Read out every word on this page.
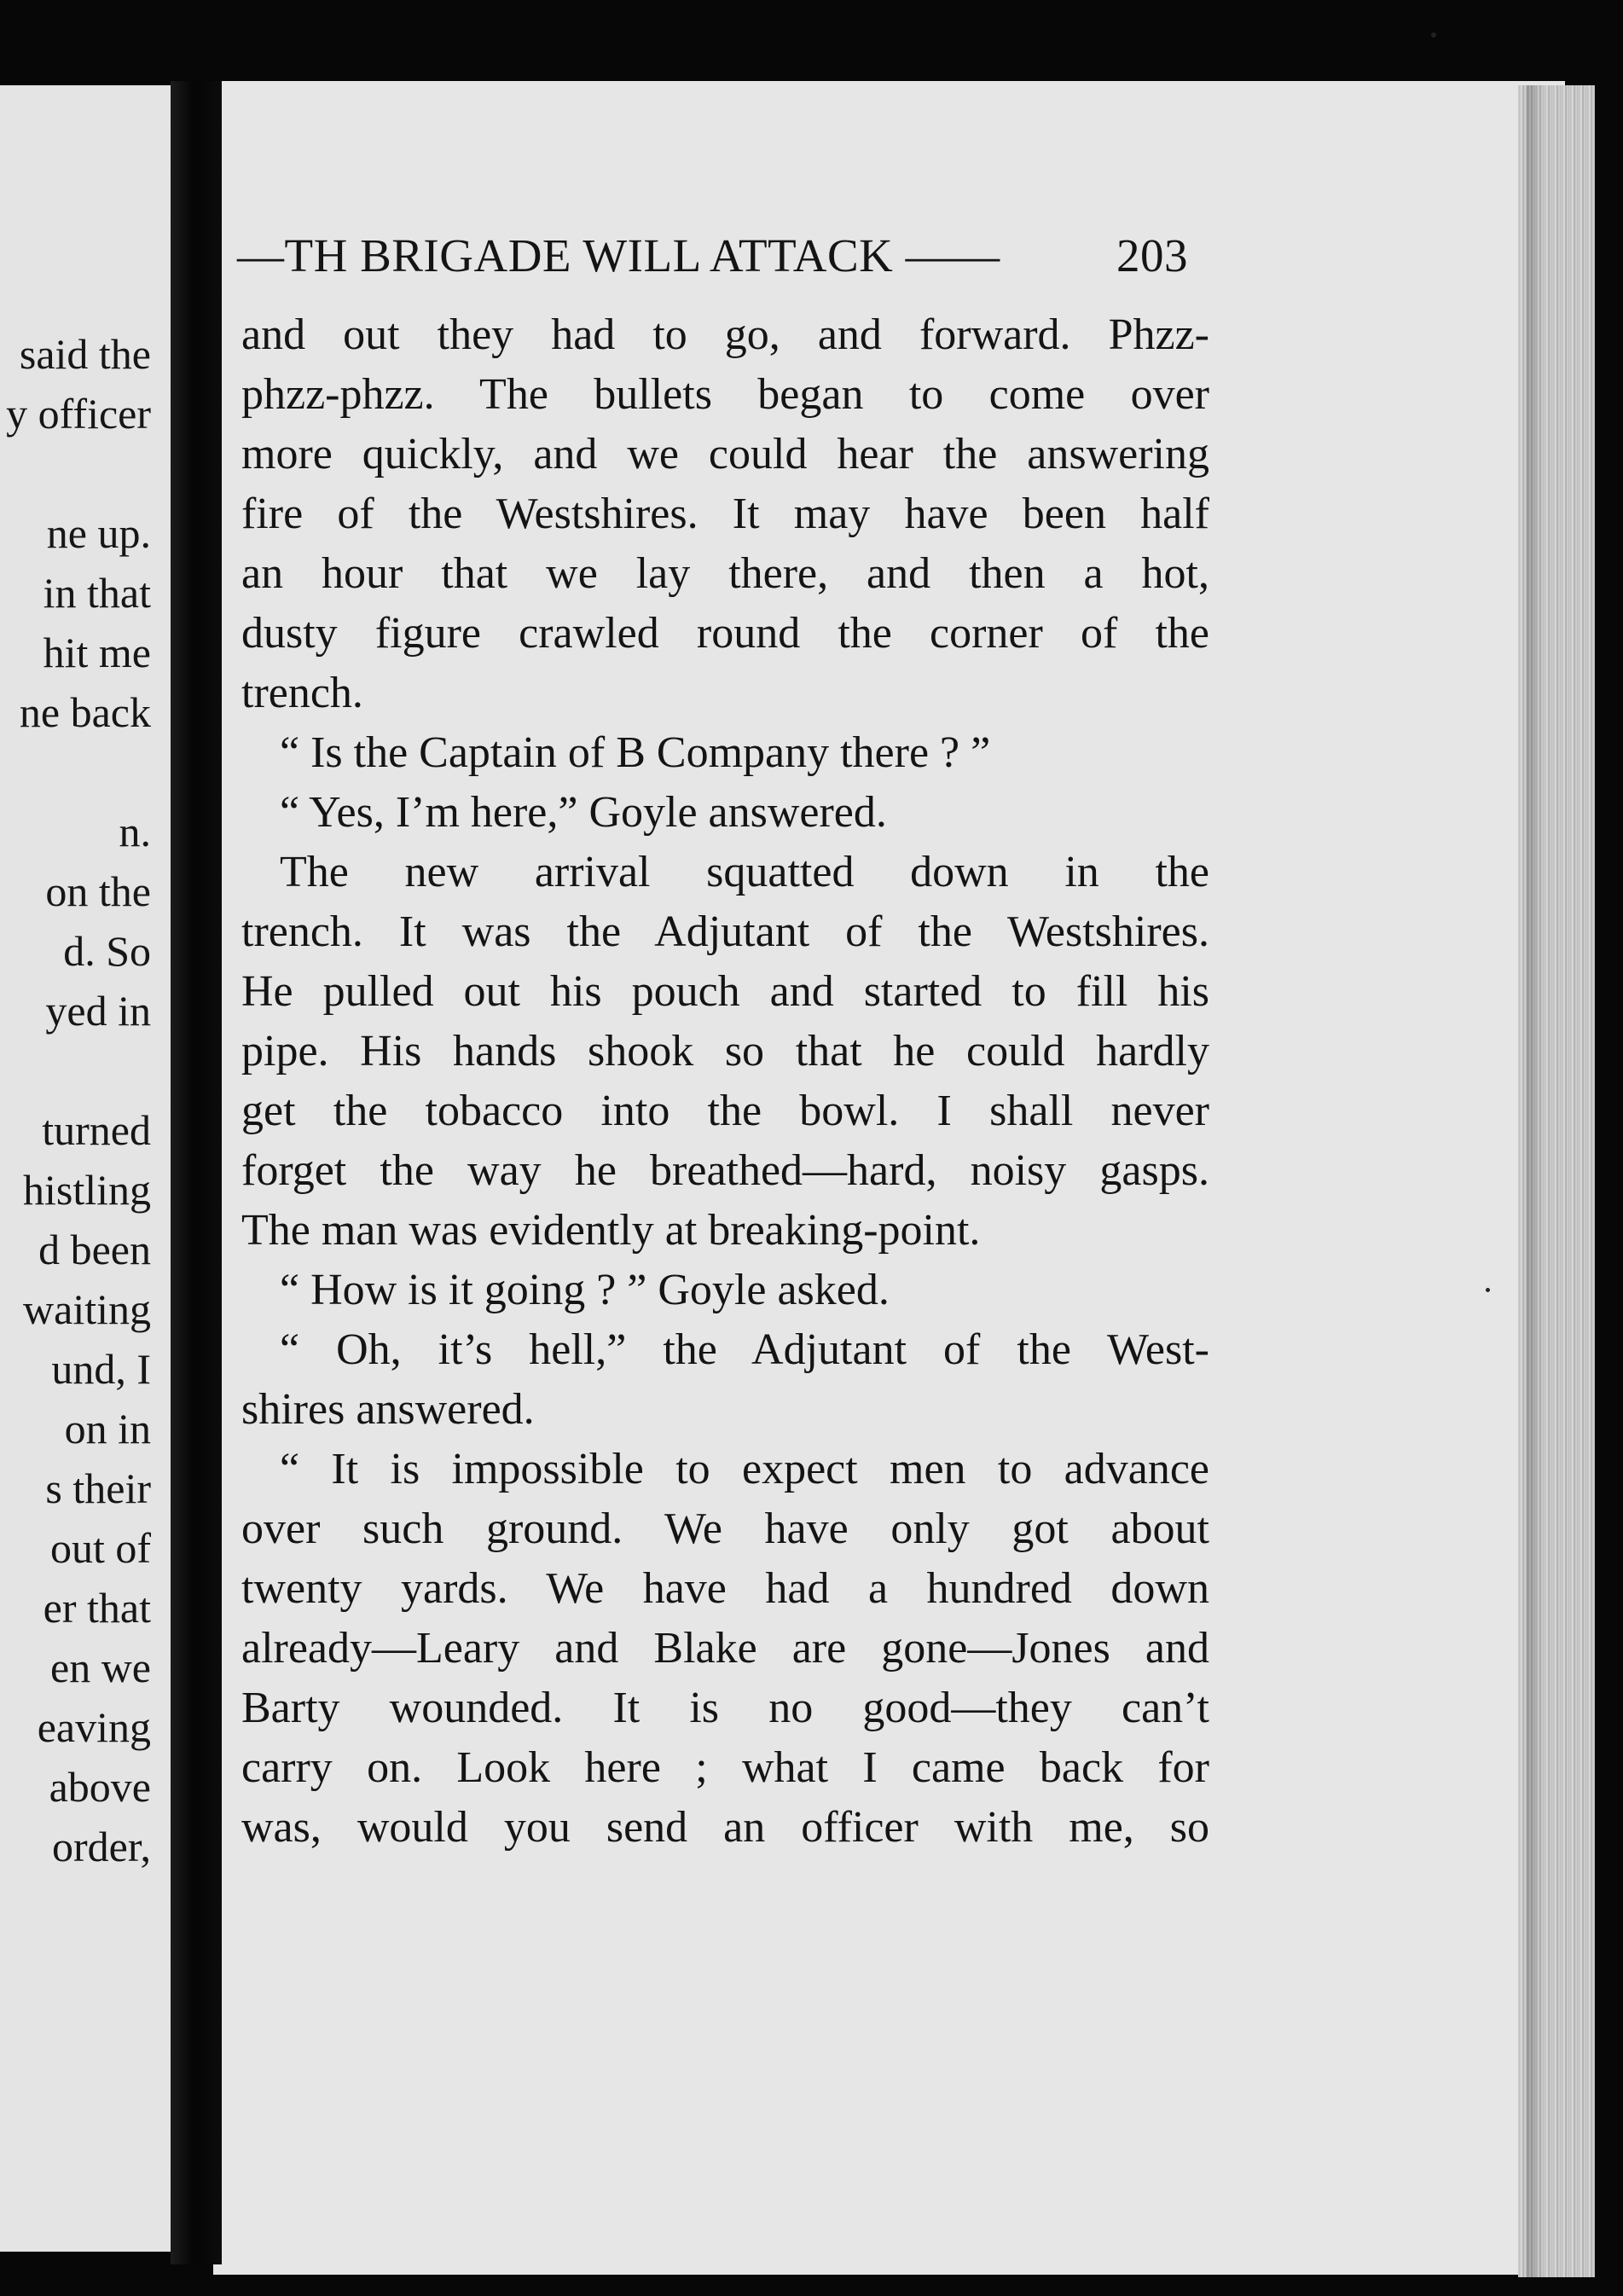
said the
y officer
ne up.
in that
hit me
ne back
n.
on the
d. So
yed in
turned
histling
d been
waiting
und, I
on in
s their
out of
er that
en we
eaving
above
order,
—TH BRIGADE WILL ATTACK —— 203
and out they had to go, and forward. Phzz-
phzz-phzz. The bullets began to come over
more quickly, and we could hear the answering
fire of the Westshires. It may have been half
an hour that we lay there, and then a hot,
dusty figure crawled round the corner of the
trench.
“ Is the Captain of B Company there ? ”
“ Yes, I’m here,” Goyle answered.
The new arrival squatted down in the
trench. It was the Adjutant of the Westshires.
He pulled out his pouch and started to fill his
pipe. His hands shook so that he could hardly
get the tobacco into the bowl. I shall never
forget the way he breathed—hard, noisy gasps.
The man was evidently at breaking-point.
“ How is it going ? ” Goyle asked.
“ Oh, it’s hell,” the Adjutant of the West-
shires answered.
“ It is impossible to expect men to advance
over such ground. We have only got about
twenty yards. We have had a hundred down
already—Leary and Blake are gone—Jones and
Barty wounded. It is no good—they can’t
carry on. Look here ; what I came back for
was, would you send an officer with me, so
